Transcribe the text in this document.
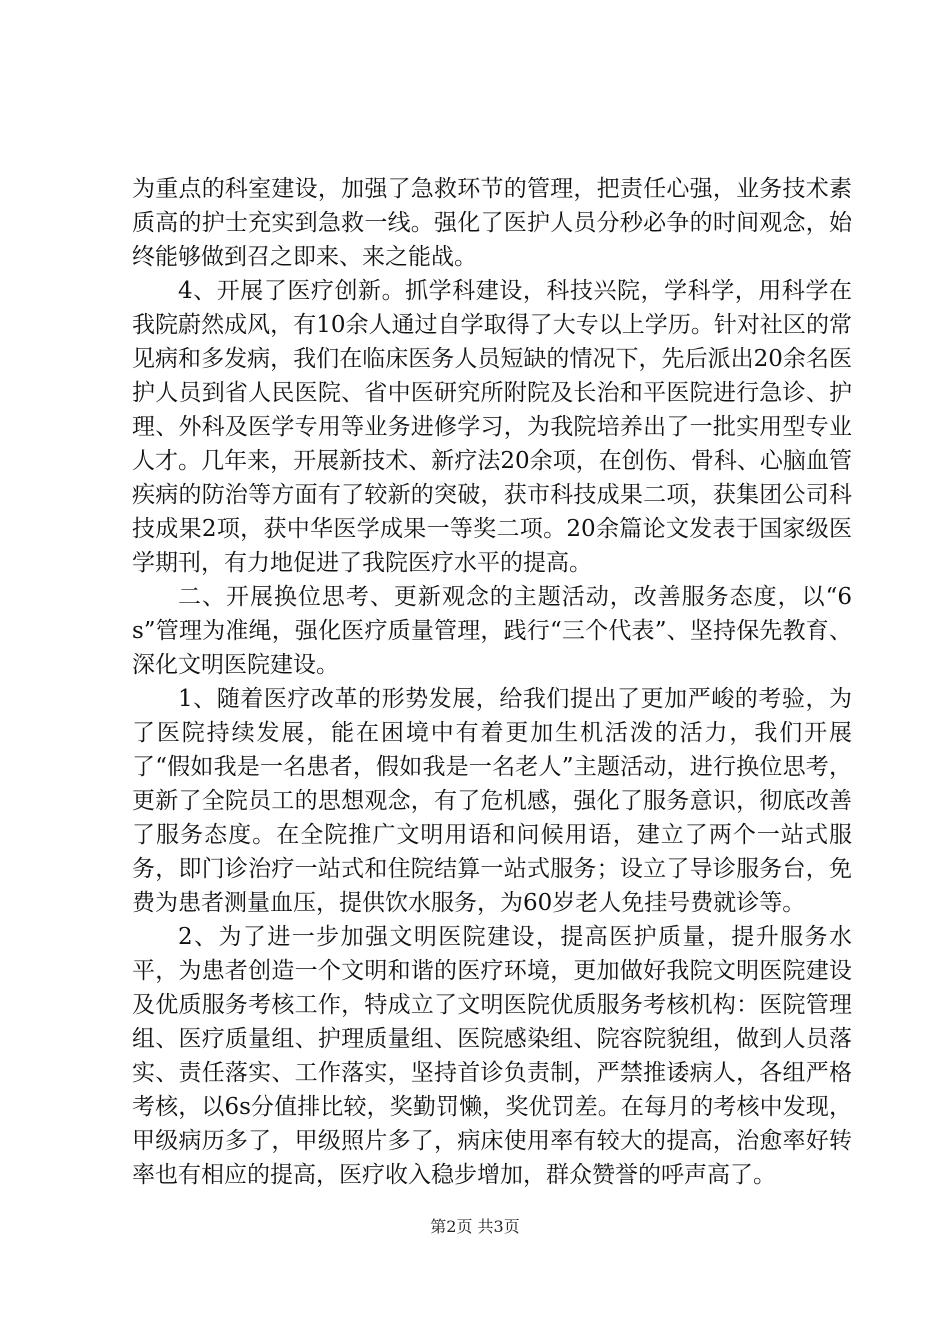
为重点的科室建设，加强了急救环节的管理，把责任心强，业务技术素质高的护士充实到急救一线。强化了医护人员分秒必争的时间观念，始终能够做到召之即来、来之能战。

4、开展了医疗创新。抓学科建设，科技兴院，学科学，用科学在我院蔚然成风，有10余人通过自学取得了大专以上学历。针对社区的常见病和多发病，我们在临床医务人员短缺的情况下，先后派出20余名医护人员到省人民医院、省中医研究所附院及长治和平医院进行急诊、护理、外科及医学专用等业务进修学习，为我院培养出了一批实用型专业人才。几年来，开展新技术、新疗法20余项，在创伤、骨科、心脑血管疾病的防治等方面有了较新的突破，获市科技成果二项，获集团公司科技成果2项，获中华医学成果一等奖二项。20余篇论文发表于国家级医学期刊，有力地促进了我院医疗水平的提高。

二、开展换位思考、更新观念的主题活动，改善服务态度，以“6s”管理为准绳，强化医疗质量管理，践行“三个代表”、坚持保先教育、深化文明医院建设。

1、随着医疗改革的形势发展，给我们提出了更加严峻的考验，为了医院持续发展，能在困境中有着更加生机活泼的活力，我们开展了“假如我是一名患者，假如我是一名老人”主题活动，进行换位思考，更新了全院员工的思想观念，有了危机感，强化了服务意识，彻底改善了服务态度。在全院推广文明用语和问候用语，建立了两个一站式服务，即门诊治疗一站式和住院结算一站式服务；设立了导诊服务台，免费为患者测量血压，提供饮水服务，为60岁老人免挂号费就诊等。

2、为了进一步加强文明医院建设，提高医护质量，提升服务水平，为患者创造一个文明和谐的医疗环境，更加做好我院文明医院建设及优质服务考核工作，特成立了文明医院优质服务考核机构：医院管理组、医疗质量组、护理质量组、医院感染组、院容院貌组，做到人员落实、责任落实、工作落实，坚持首诊负责制，严禁推诿病人，各组严格考核，以6s分值排比较，奖勤罚懒，奖优罚差。在每月的考核中发现，甲级病历多了，甲级照片多了，病床使用率有较大的提高，治愈率好转率也有相应的提高，医疗收入稳步增加，群众赞誉的呼声高了。

第2页 共3页
